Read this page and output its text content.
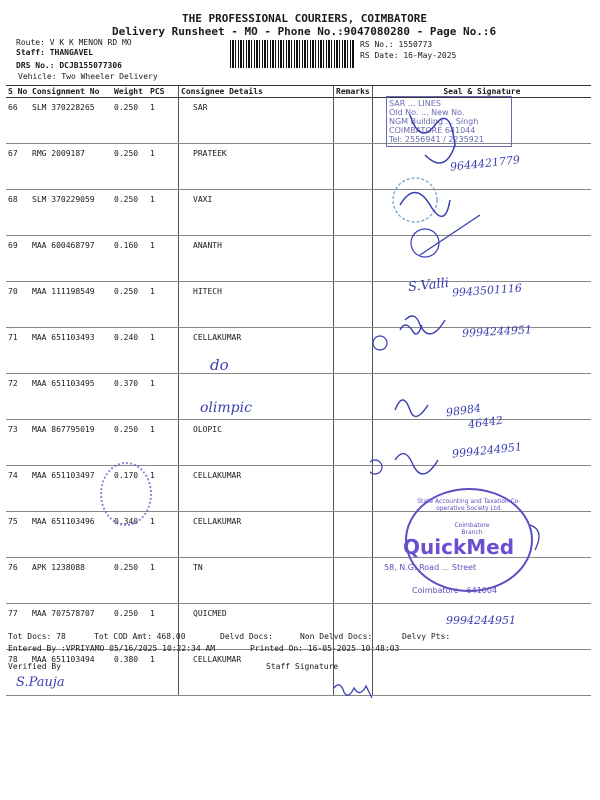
THE PROFESSIONAL COURIERS, COIMBATORE
Delivery Runsheet - MO - Phone No.:9047080280 - Page No.:6
Route: V K K MENON RD MO
Staff: THANGAVEL
DRS No.: DCJB155077306
Vehicle: Two Wheeler Delivery
RS No.: 1550773
RS Date: 16-May-2025
S No	Consignment No	Weight	PCS	Consignee Details	Remarks	Seal & Signature
66	SLM 370228265	0.250	1	SAR		
67	RMG 2009187	0.250	1	PRATEEK		
68	SLM 370229059	0.250	1	VAXI		
69	MAA 600468797	0.160	1	ANANTH		
70	MAA 111198549	0.250	1	HITECH		
71	MAA 651103493	0.240	1	CELLAKUMAR		
72	MAA 651103495	0.370	1			
73	MAA 867795019	0.250	1	OLOPIC		
74	MAA 651103497	0.170	1	CELLAKUMAR		
75	MAA 651103496	0.340	1	CELLAKUMAR		
76	APK 1238088	0.250	1	TN		
77	MAA 707578707	0.250	1	QUICMED		
78	MAA 651103494	0.380	1	CELLAKUMAR		
SAR ... LINES
Old No. ... New No.
NGM Building ... Singh
COIMBATORE 641044
Tel: 2556941 / 2235921
9644421779
S.Valli 9943501116
9994244951
do
olimpic	98984
46442
9994244951
9994244951
State Accounting and Taxation Co-operative Society Ltd.
Coimbatore Branch
QuickMed
58, N.G. Road ... Street
Coimbatore - 641004
Tot Docs: 78	Tot COD Amt: 468.00	Delvd Docs:	Non Delvd Docs:	Delvy Pts:
Entered By :VPRIYAMO 05/16/2025 10:22:34 AM	Printed On: 16-05-2025 10:48:03
Verified By	Staff Signature
S.Pauja
